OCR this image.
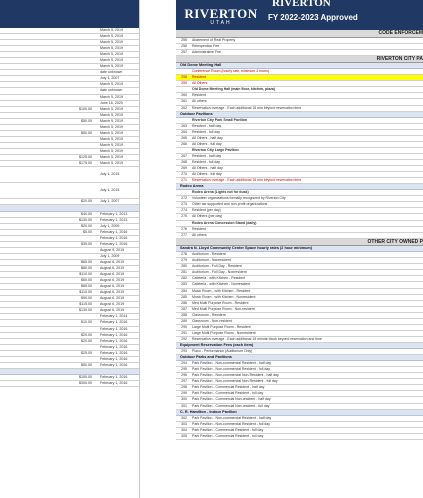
March 5, 2019
March 5, 2019
March 5, 2019
March 5, 2019
March 5, 2019
March 5, 2019
March 5, 2019
date unknown
July 1, 2007
March 5, 2019
date unknown
March 5, 2019
June 16, 2020
$100.00 March 5, 2019
March 5, 2019
$50.00 March 5, 2019
March 5, 2019
$50.00 March 5, 2019
March 5, 2019
March 5, 2019
March 5, 2019
$125.00 March 5, 2019
$175.00 March 5, 2019
July 1, 2015
July 1, 2015
$20.00 July 1, 2007
$40.00 February 1, 2013
$130.00 February 1, 2013
$20.00 July 1, 2009
$5.00 February 1, 2016
February 1, 2016
$35.00 February 1, 2016
August 9, 2019
July 1, 2009
$65.00 August 6, 2019
$80.00 August 6, 2019
$110.00 August 6, 2019
$60.00 August 6, 2019
$85.00 August 6, 2019
$110.00 August 6, 2019
$90.00 August 6, 2019
$115.00 August 6, 2019
$130.00 August 6, 2019
February 1, 2014
$10.00 February 1, 2016
February 1, 2016
$20.00 February 1, 2016
$20.00 February 1, 2016
February 1, 2016
$25.00 February 1, 2016
February 1, 2016
$50.00 February 1, 2016
$150.00 February 1, 2016
$300.00 February 1, 2016
RIVERTON
UTAH
RIVERTON
FY 2022-2023 Approved
CODE ENFORCEM
255 Abatement of Real Property
256 Reinspection Fee
257 Administrative Fee
RIVERTON CITY PA
Old Dome Meeting Hall
Conference Room (hourly rate, minimum 2 hours)
258 Resident
259 All Others
Old Dome Meeting Hall (main floor, kitchen, plaza)
260 Resident
261 All others
262 Reservation overage - Each additional 15 min beyond reservation time
Outdoor Pavilions
Riverton City Park Small Pavilion
263 Resident - half day
264 Resident - full day
265 All Others - half day
266 All Others - full day
Riverton City Large Pavilion
267 Resident - half day
268 Resident - full day
269 All Others - half day
270 All Others - full day
271 Reservation overage - Each additional 15 min beyond reservation time
Rodeo Arena
Rodeo Arena (Lights not for dusk)
272 Volunteer organizations formally recognized by Riverton City
273 Other tax supported and non-profit organizations
274 Resident (per day)
275 All Others (per day)
Rodeo Arena Concession Stand (daily)
276 Resident
277 All others
OTHER CITY OWNED P
Sandra N. Lloyd Community Center Space hourly rates (2 hour minimum)
278 Auditorium - Resident
279 Auditorium - Nonresident
280 Auditorium - Full Day - Resident
281 Auditorium - Full Day - Nonresident
282 Cafeteria - with Kitchen - Resident
283 Cafeteria - with Kitchen - Nonresident
284 Music Room - with Kitchen - Resident
285 Music Room - with Kitchen - Nonresident
286 Med Multi Purpose Room - Resident
287 Med Multi Purpose Room - Non-resident
288 Classroom - Resident
289 Classroom - Non-resident
290 Large Multi Purpose Room - Resident
291 Large Multi Purpose Room - Nonresident
292 Reservation overage - Each additional 15 minute block beyond reservation and time
Equipment Reservation Fees (each item)
293 Piano - Performance (Auditorium Only)
Outdoor Parks and Pavilions
294 Park Pavilion - Non-commercial Resident - half day
295 Park Pavilion - Non-commercial Resident - full day
296 Park Pavilion - Non-commercial Non-Resident - half day
297 Park Pavilion - Non-commercial Non-Resident - full day
298 Park Pavilion - Commercial Resident - half day
299 Park Pavilion - Commercial Resident - full day
300 Park Pavilion - Commercial Non-resident - half day
301 Park Pavilion - Commercial Non-resident - full day
C. R. Hamilton - Indoor Pavilion
302 Park Pavilion - Non-commercial Resident - half day
303 Park Pavilion - Non-commercial Resident - full day
304 Park Pavilion - Commercial Resident - full day
305 Park Pavilion - Commercial Resident - full day
